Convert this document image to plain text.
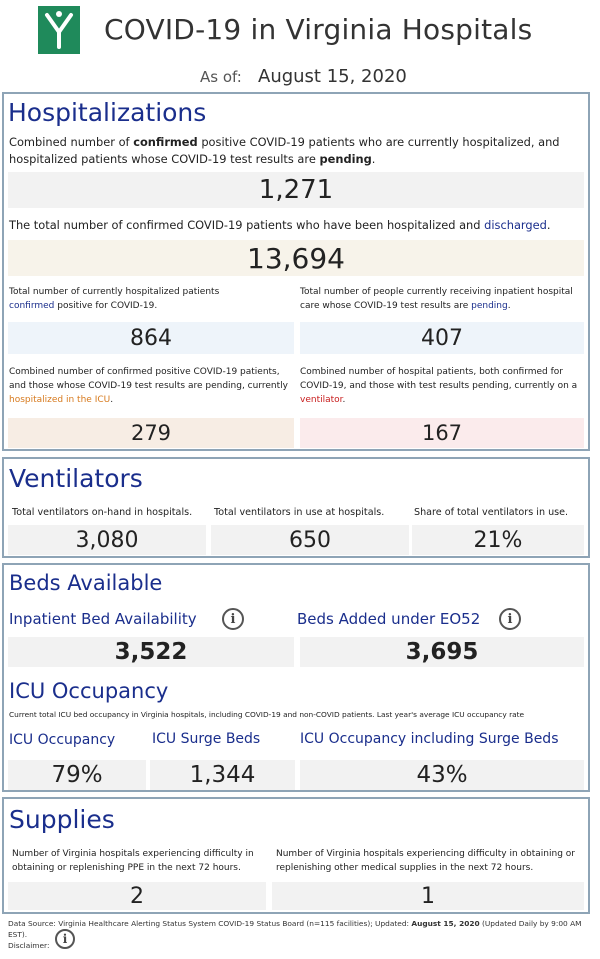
COVID-19 in Virginia Hospitals
As of: August 15, 2020
Hospitalizations
Combined number of confirmed positive COVID-19 patients who are currently hospitalized, and hospitalized patients whose COVID-19 test results are pending.
1,271
The total number of confirmed COVID-19 patients who have been hospitalized and discharged.
13,694
Total number of currently hospitalized patients
confirmed positive for COVID-19.
Total number of people currently receiving inpatient hospital care whose COVID-19 test results are pending.
864	407
Combined number of confirmed positive COVID-19 patients, and those whose COVID-19 test results are pending, currently hospitalized in the ICU.
Combined number of hospital patients, both confirmed for COVID-19, and those with test results pending, currently on a ventilator.
279	167
Ventilators
Total ventilators on-hand in hospitals.	Total ventilators in use at hospitals.	Share of total ventilators in use.
3,080	650	21%
Beds Available
Inpatient Bed Availability	i	Beds Added under EO52	i
3,522	3,695
ICU Occupancy
Current total ICU bed occupancy in Virginia hospitals, including COVID-19 and non-COVID patients. Last year's average ICU occupancy rate
ICU Occupancy	ICU Surge Beds	ICU Occupancy including Surge Beds
79%	1,344	43%
Supplies
Number of Virginia hospitals experiencing difficulty in obtaining or replenishing PPE in the next 72 hours.
Number of Virginia hospitals experiencing difficulty in obtaining or replenishing other medical supplies in the next 72 hours.
2	1
Data Source: Virginia Healthcare Alerting Status System COVID-19 Status Board (n=115 facilities); Updated: August 15, 2020 (Updated Daily by 9:00 AM EST).
Disclaimer:	i
